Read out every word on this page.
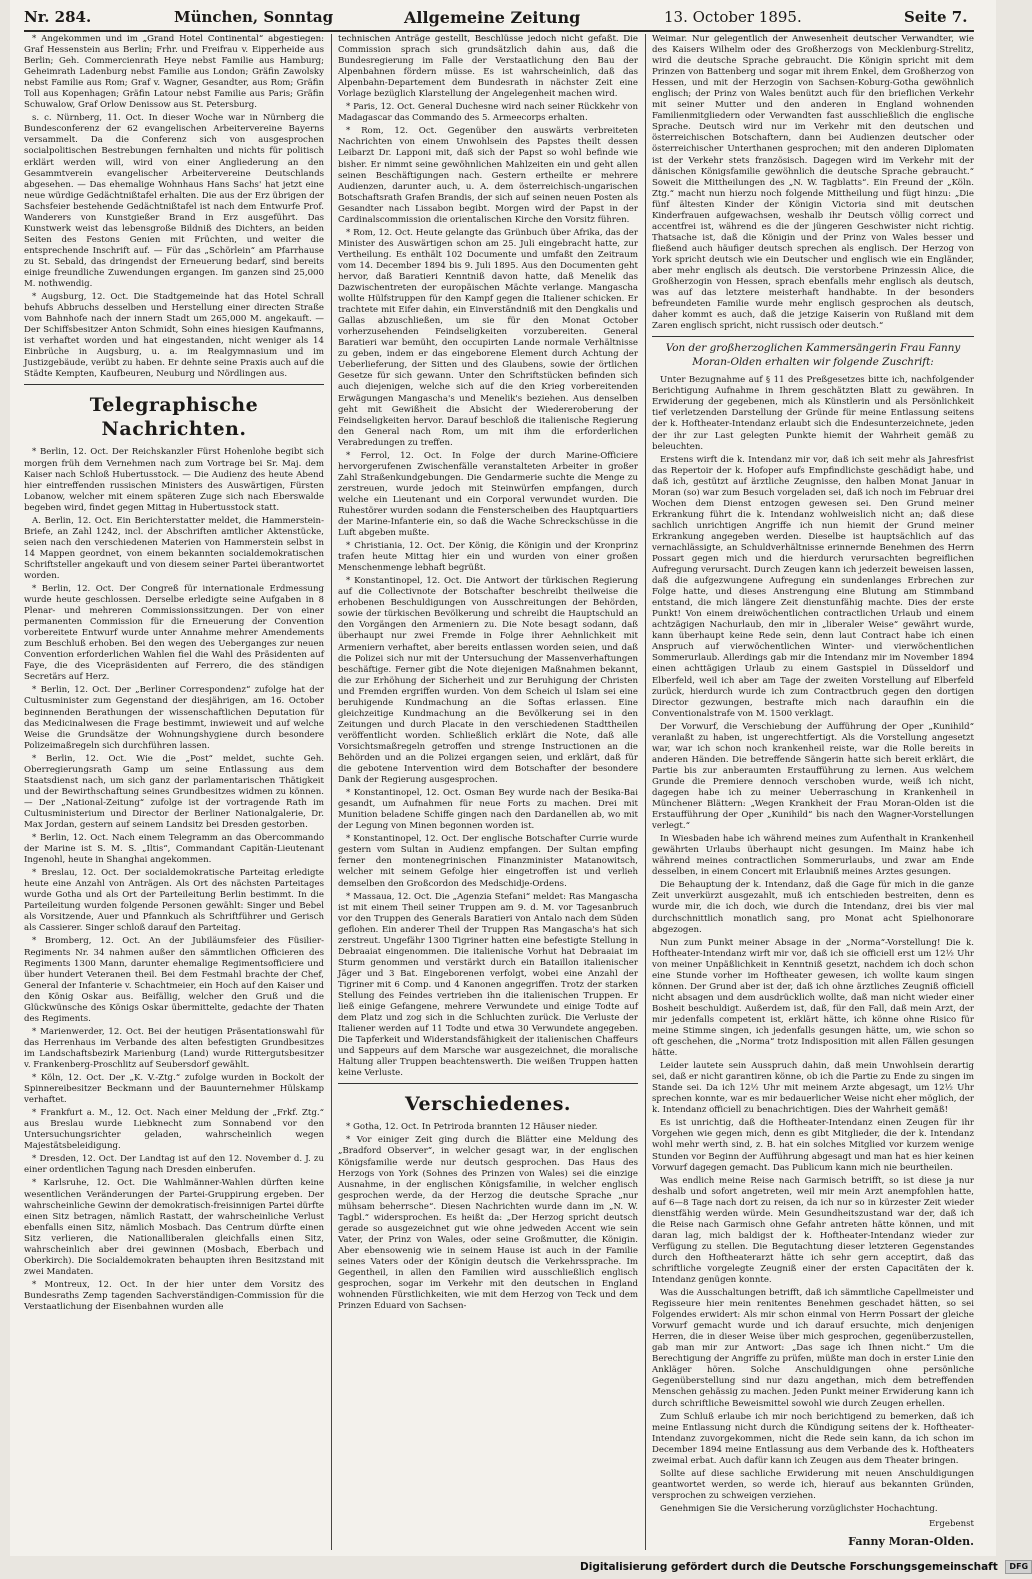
Nr. 284.	München, Sonntag	Allgemeine Zeitung	13. October 1895.	Seite 7.

* Angekommen und im „Grand Hotel Continental“ abgestiegen: Graf Hessenstein aus Berlin; Frhr. und Freifrau v. Eipperheide aus Berlin; Geh. Commercienrath Heye nebst Familie aus Hamburg; Geheimrath Ladenburg nebst Familie aus London; Gräfin Zawolsky nebst Familie aus Rom; Graf v. Wagner, Gesandter, aus Rom; Gräfin Toll aus Kopenhagen; Gräfin Latour nebst Familie aus Paris; Gräfin Schuwalow, Graf Orlow Denissow aus St. Petersburg.

s. c. Nürnberg, 11. Oct. In dieser Woche war in Nürnberg die Bundesconferenz der 62 evangelischen Arbeitervereine Bayerns versammelt. Da die Conferenz sich von ausgesprochen socialpolitischen Bestrebungen fernhalten und nichts für politisch erklärt werden will, wird von einer Angliederung an den Gesammtverein evangelischer Arbeitervereine Deutschlands abgesehen. — Das ehemalige Wohnhaus Hans Sachs' hat jetzt eine neue würdige Gedächtnißtafel erhalten. Die aus der Erz übrigen der Sachsfeier bestehende Gedächtnißtafel ist nach dem Entwurfe Prof. Wanderers von Kunstgießer Brand in Erz ausgeführt. Das Kunstwerk weist das lebensgroße Bildniß des Dichters, an beiden Seiten des Festons Genien mit Früchten, und weiter die entsprechende Inschrift auf. — Für das „Schörlein“ am Pfarrhause zu St. Sebald, das dringendst der Erneuerung bedarf, sind bereits einige freundliche Zuwendungen ergangen. Im ganzen sind 25,000 M. nothwendig.

* Augsburg, 12. Oct. Die Stadtgemeinde hat das Hotel Schrall behufs Abbruchs desselben und Herstellung einer directen Straße vom Bahnhofe nach der innern Stadt um 265,000 M. angekauft. — Der Schiffsbesitzer Anton Schmidt, Sohn eines hiesigen Kaufmanns, ist verhaftet worden und hat eingestanden, nicht weniger als 14 Einbrüche in Augsburg, u. a. im Realgymnasium und im Justizgebäude, verübt zu haben. Er dehnte seine Praxis auch auf die Städte Kempten, Kaufbeuren, Neuburg und Nördlingen aus.

Telegraphische Nachrichten.

* Berlin, 12. Oct. Der Reichskanzler Fürst Hohenlohe begibt sich morgen früh dem Vernehmen nach zum Vortrage bei Sr. Maj. dem Kaiser nach Schloß Hubertusstock. — Die Audienz des heute Abend hier eintreffenden russischen Ministers des Auswärtigen, Fürsten Lobanow, welcher mit einem späteren Zuge sich nach Eberswalde begeben wird, findet gegen Mittag in Hubertusstock statt.

A. Berlin, 12. Oct. Ein Berichterstatter meldet, die Hammerstein-Briefe, an Zahl 1242, incl. der Abschriften amtlicher Aktenstücke, seien nach den verschiedenen Materien von Hammerstein selbst in 14 Mappen geordnet, von einem bekannten socialdemokratischen Schriftsteller angekauft und von diesem seiner Partei überantwortet worden.

* Berlin, 12. Oct. Der Congreß für internationale Erdmessung wurde heute geschlossen. Derselbe erledigte seine Aufgaben in 8 Plenar- und mehreren Commissionssitzungen. Der von einer permanenten Commission für die Erneuerung der Convention vorbereitete Entwurf wurde unter Annahme mehrer Amendements zum Beschluß erhoben. Bei den wegen des Ueberganges zur neuen Convention erforderlichen Wahlen fiel die Wahl des Präsidenten auf Faye, die des Vicepräsidenten auf Ferrero, die des ständigen Secretärs auf Herz.

* Berlin, 12. Oct. Der „Berliner Correspondenz“ zufolge hat der Cultusminister zum Gegenstand der diesjährigen, am 16. October beginnenden Berathungen der wissenschaftlichen Deputation für das Medicinalwesen die Frage bestimmt, inwieweit und auf welche Weise die Grundsätze der Wohnungshygiene durch besondere Polizeimaßregeln sich durchführen lassen.

* Berlin, 12. Oct. Wie die „Post“ meldet, suchte Geh. Oberregierungsrath Gamp um seine Entlassung aus dem Staatsdienst nach, um sich ganz der parlamentarischen Thätigkeit und der Bewirthschaftung seines Grundbesitzes widmen zu können. — Der „National-Zeitung“ zufolge ist der vortragende Rath im Cultusministerium und Director der Berliner Nationalgalerie, Dr. Max Jordan, gestern auf seinem Landsitz bei Dresden gestorben.

* Berlin, 12. Oct. Nach einem Telegramm an das Obercommando der Marine ist S. M. S. „Iltis“, Commandant Capitän-Lieutenant Ingenohl, heute in Shanghai angekommen.

* Breslau, 12. Oct. Der socialdemokratische Parteitag erledigte heute eine Anzahl von Anträgen. Als Ort des nächsten Parteitages wurde Gotha und als Ort der Parteileitung Berlin bestimmt. In die Parteileitung wurden folgende Personen gewählt: Singer und Bebel als Vorsitzende, Auer und Pfannkuch als Schriftführer und Gerisch als Cassierer. Singer schloß darauf den Parteitag.

* Bromberg, 12. Oct. An der Jubiläumsfeier des Füsilier-Regiments Nr. 34 nahmen außer den sämmtlichen Officieren des Regiments 1300 Mann, darunter ehemalige Regimentsofficiere und über hundert Veteranen theil. Bei dem Festmahl brachte der Chef, General der Infanterie v. Schachtmeier, ein Hoch auf den Kaiser und den König Oskar aus. Beifällig, welcher den Gruß und die Glückwünsche des Königs Oskar übermittelte, gedachte der Thaten des Regiments.

* Marienwerder, 12. Oct. Bei der heutigen Präsentationswahl für das Herrenhaus im Verbande des alten befestigten Grundbesitzes im Landschaftsbezirk Marienburg (Land) wurde Rittergutsbesitzer v. Frankenberg-Proschlitz auf Seubersdorf gewählt.

* Köln, 12. Oct. Der „K. V.-Ztg.“ zufolge wurden in Bockolt der Spinnereibesitzer Beckmann und der Bauunternehmer Hülskamp verhaftet.

* Frankfurt a. M., 12. Oct. Nach einer Meldung der „Frkf. Ztg.“ aus Breslau wurde Liebknecht zum Sonnabend vor den Untersuchungsrichter geladen, wahrscheinlich wegen Majestätsbeleidigung.

* Dresden, 12. Oct. Der Landtag ist auf den 12. November d. J. zu einer ordentlichen Tagung nach Dresden einberufen.

* Karlsruhe, 12. Oct. Die Wahlmänner-Wahlen dürften keine wesentlichen Veränderungen der Partei-Gruppirung ergeben. Der wahrscheinliche Gewinn der demokratisch-freisinnigen Partei dürfte einen Sitz betragen, nämlich Rastatt, der wahrscheinliche Verlust ebenfalls einen Sitz, nämlich Mosbach. Das Centrum dürfte einen Sitz verlieren, die Nationalliberalen gleichfalls einen Sitz, wahrscheinlich aber drei gewinnen (Mosbach, Eberbach und Oberkirch). Die Socialdemokraten behaupten ihren Besitzstand mit zwei Mandaten.

* Montreux, 12. Oct. In der hier unter dem Vorsitz des Bundesraths Zemp tagenden Sachverständigen-Commission für die Verstaatlichung der Eisenbahnen wurden alle

technischen Anträge gestellt, Beschlüsse jedoch nicht gefaßt. Die Commission sprach sich grundsätzlich dahin aus, daß die Bundesregierung im Falle der Verstaatlichung den Bau der Alpenbahnen fördern müsse. Es ist wahrscheinlich, daß das Alpenbahn-Departement dem Bundesrath in nächster Zeit eine Vorlage bezüglich Klarstellung der Angelegenheit machen wird.

* Paris, 12. Oct. General Duchesne wird nach seiner Rückkehr von Madagascar das Commando des 5. Armeecorps erhalten.

* Rom, 12. Oct. Gegenüber den auswärts verbreiteten Nachrichten von einem Unwohlsein des Papstes theilt dessen Leibarzt Dr. Lapponi mit, daß sich der Papst so wohl befinde wie bisher. Er nimmt seine gewöhnlichen Mahlzeiten ein und geht allen seinen Beschäftigungen nach. Gestern ertheilte er mehrere Audienzen, darunter auch, u. A. dem österreichisch-ungarischen Botschaftsrath Grafen Brandis, der sich auf seinen neuen Posten als Gesandter nach Lissabon begibt. Morgen wird der Papst in der Cardinalscommission die orientalischen Kirche den Vorsitz führen.

* Rom, 12. Oct. Heute gelangte das Grünbuch über Afrika, das der Minister des Auswärtigen schon am 25. Juli eingebracht hatte, zur Vertheilung. Es enthält 102 Documente und umfaßt den Zeitraum vom 14. December 1894 bis 9. Juli 1895. Aus den Documenten geht hervor, daß Baratieri Kenntniß davon hatte, daß Menelik das Dazwischentreten der europäischen Mächte verlange. Mangascha wollte Hülfstruppen für den Kampf gegen die Italiener schicken. Er trachtete mit Eifer dahin, ein Einverständniß mit den Dengkalis und Gallas abzuschließen, um sie für den Monat October vorherzusehenden Feindseligkeiten vorzubereiten. General Baratieri war bemüht, den occupirten Lande normale Verhältnisse zu geben, indem er das eingeborene Element durch Achtung der Ueberlieferung, der Sitten und des Glaubens, sowie der örtlichen Gesetze für sich gewann. Unter den Schriftstücken befinden sich auch diejenigen, welche sich auf die den Krieg vorbereitenden Erwägungen Mangascha's und Menelik's beziehen. Aus denselben geht mit Gewißheit die Absicht der Wiedereroberung der Feindseligkeiten hervor. Darauf beschloß die italienische Regierung den General nach Rom, um mit ihm die erforderlichen Verabredungen zu treffen.

* Ferrol, 12. Oct. In Folge der durch Marine-Officiere hervorgerufenen Zwischenfälle veranstalteten Arbeiter in großer Zahl Straßenkundgebungen. Die Gendarmerie suchte die Menge zu zerstreuen, wurde jedoch mit Steinwürfen empfangen, durch welche ein Lieutenant und ein Corporal verwundet wurden. Die Ruhestörer wurden sodann die Fensterscheiben des Hauptquartiers der Marine-Infanterie ein, so daß die Wache Schreckschüsse in die Luft abgeben mußte.

* Christiania, 12. Oct. Der König, die Königin und der Kronprinz trafen heute Mittag hier ein und wurden von einer großen Menschenmenge lebhaft begrüßt.

* Konstantinopel, 12. Oct. Die Antwort der türkischen Regierung auf die Collectivnote der Botschafter beschreibt theilweise die erhobenen Beschuldigungen von Ausschreitungen der Behörden, sowie der türkischen Bevölkerung und schreibt die Hauptschuld an den Vorgängen den Armeniern zu. Die Note besagt sodann, daß überhaupt nur zwei Fremde in Folge ihrer Aehnlichkeit mit Armeniern verhaftet, aber bereits entlassen worden seien, und daß die Polizei sich nur mit der Untersuchung der Massenverhaftungen beschäftige. Ferner gibt die Note diejenigen Maßnahmen bekannt, die zur Erhöhung der Sicherheit und zur Beruhigung der Christen und Fremden ergriffen wurden. Von dem Scheich ul Islam sei eine beruhigende Kundmachung an die Softas erlassen. Eine gleichzeitige Kundmachung an die Bevölkerung sei in den Zeitungen und durch Placate in den verschiedenen Stadttheilen veröffentlicht worden. Schließlich erklärt die Note, daß alle Vorsichtsmaßregeln getroffen und strenge Instructionen an die Behörden und an die Polizei ergangen seien, und erklärt, daß für die gebotene Intervention wird dem Botschafter der besondere Dank der Regierung ausgesprochen.

* Konstantinopel, 12. Oct. Osman Bey wurde nach der Besika-Bai gesandt, um Aufnahmen für neue Forts zu machen. Drei mit Munition beladene Schiffe gingen nach den Dardanellen ab, wo mit der Legung von Minen begonnen worden ist.

* Konstantinopel, 12. Oct. Der englische Botschafter Currie wurde gestern vom Sultan in Audienz empfangen. Der Sultan empfing ferner den montenegrinischen Finanzminister Matanowitsch, welcher mit seinem Gefolge hier eingetroffen ist und verlieh demselben den Großcordon des Medschidje-Ordens.

* Massaua, 12. Oct. Die „Agenzia Stefani“ meldet: Ras Mangascha ist mit einem Theil seiner Truppen am 9. d. M. vor Tagesanbruch vor den Truppen des Generals Baratieri von Antalo nach dem Süden geflohen. Ein anderer Theil der Truppen Ras Mangascha's hat sich zerstreut. Ungefähr 1300 Tigriner hatten eine befestigte Stellung in Debraaiat eingenommen. Die italienische Vorhut hat Debraaiat im Sturm genommen und verstärkt durch ein Bataillon italienischer Jäger und 3 Bat. Eingeborenen verfolgt, wobei eine Anzahl der Tigriner mit 6 Comp. und 4 Kanonen angegriffen. Trotz der starken Stellung des Feindes vertrieben ihn die italienischen Truppen. Er ließ einige Gefangene, mehrere Verwundete und einige Todte auf dem Platz und zog sich in die Schluchten zurück. Die Verluste der Italiener werden auf 11 Todte und etwa 30 Verwundete angegeben. Die Tapferkeit und Widerstandsfähigkeit der italienischen Chaffeurs und Sappeurs auf dem Marsche war ausgezeichnet, die moralische Haltung aller Truppen beachtenswerth. Die weißen Truppen hatten keine Verluste.

Verschiedenes.

* Gotha, 12. Oct. In Petriroda brannten 12 Häuser nieder.

* Vor einiger Zeit ging durch die Blätter eine Meldung des „Bradford Observer“, in welcher gesagt war, in der englischen Königsfamilie werde nur deutsch gesprochen. Das Haus des Herzogs von York (Sohnes des Prinzen von Wales) sei die einzige Ausnahme, in der englischen Königsfamilie, in welcher englisch gesprochen werde, da der Herzog die deutsche Sprache „nur mühsam beherrsche“. Diesen Nachrichten wurde dann im „N. W. Tagbl.“ widersprochen. Es heißt da: „Der Herzog spricht deutsch gerade so ausgezeichnet gut wie ohne jedweden Accent wie sein Vater, der Prinz von Wales, oder seine Großmutter, die Königin. Aber ebensowenig wie in seinem Hause ist auch in der Familie seines Vaters oder der Königin deutsch die Verkehrssprache. Im Gegentheil, in allen den Familien wird ausschließlich englisch gesprochen, sogar im Verkehr mit den deutschen in England wohnenden Fürstlichkeiten, wie mit dem Herzog von Teck und dem Prinzen Eduard von Sachsen-

Weimar. Nur gelegentlich der Anwesenheit deutscher Verwandter, wie des Kaisers Wilhelm oder des Großherzogs von Mecklenburg-Strelitz, wird die deutsche Sprache gebraucht. Die Königin spricht mit dem Prinzen von Battenberg und sogar mit ihrem Enkel, dem Großherzog von Hessen, und mit der Herzogin von Sachsen-Koburg-Gotha gewöhnlich englisch; der Prinz von Wales benützt auch für den brieflichen Verkehr mit seiner Mutter und den anderen in England wohnenden Familienmitgliedern oder Verwandten fast ausschließlich die englische Sprache. Deutsch wird nur im Verkehr mit den deutschen und österreichischen Botschaftern, dann bei Audienzen deutscher oder österreichischer Unterthanen gesprochen; mit den anderen Diplomaten ist der Verkehr stets französisch. Dagegen wird im Verkehr mit der dänischen Königsfamilie gewöhnlich die deutsche Sprache gebraucht.“ Soweit die Mittheilungen des „N. W. Tagblatts“. Ein Freund der „Köln. Ztg.“ macht nun hierzu noch folgende Mittheilung und fügt hinzu: „Die fünf ältesten Kinder der Königin Victoria sind mit deutschen Kinderfrauen aufgewachsen, weshalb ihr Deutsch völlig correct und accentfrei ist, während es die der jüngeren Geschwister nicht richtig. Thatsache ist, daß die Königin und der Prinz von Wales besser und fließend auch häufiger deutsch sprechen als englisch. Der Herzog von York spricht deutsch wie ein Deutscher und englisch wie ein Engländer, aber mehr englisch als deutsch. Die verstorbene Prinzessin Alice, die Großherzogin von Hessen, sprach ebenfalls mehr englisch als deutsch, was auf das letztere meisterhaft handhabte. In der besonders befreundeten Familie wurde mehr englisch gesprochen als deutsch, daher kommt es auch, daß die jetzige Kaiserin von Rußland mit dem Zaren englisch spricht, nicht russisch oder deutsch.“

Von der großherzoglichen Kammersängerin Frau Fanny Moran-Olden erhalten wir folgende Zuschrift:

Unter Bezugnahme auf § 11 des Preßgesetzes bitte ich, nachfolgender Berichtigung Aufnahme in Ihrem geschätzten Blatt zu gewähren. In Erwiderung der gegebenen, mich als Künstlerin und als Persönlichkeit tief verletzenden Darstellung der Gründe für meine Entlassung seitens der k. Hoftheater-Intendanz erlaubt sich die Endesunterzeichnete, jeden der ihr zur Last gelegten Punkte hiemit der Wahrheit gemäß zu beleuchten.

Erstens wirft die k. Intendanz mir vor, daß ich seit mehr als Jahresfrist das Repertoir der k. Hofoper aufs Empfindlichste geschädigt habe, und daß ich, gestützt auf ärztliche Zeugnisse, den halben Monat Januar in Moran (so) war zum Besuch vorgeladen sei, daß ich noch im Februar drei Wochen dem Dienst entzogen gewesen sei. Den Grund meiner Erkrankung führt die k. Intendanz wohlweislich nicht an; daß diese sachlich unrichtigen Angriffe ich nun hiemit der Grund meiner Erkrankung angegeben werden. Dieselbe ist hauptsächlich auf das vernachlässigte, an Schuldverhältnisse erinnernde Benehmen des Herrn Possart gegen mich und die hierdurch verursachten begreiflichen Aufregung verursacht. Durch Zeugen kann ich jederzeit beweisen lassen, daß die aufgezwungene Aufregung ein sundenlanges Erbrechen zur Folge hatte, und dieses Anstrengung eine Blutung am Stimmband entstand, die mich längere Zeit dienstunfähig machte. Dies der erste Punkt! Von einem dreiwöchentlichen contractlichen Urlaub und einem achtzägigen Nachurlaub, den mir in „liberaler Weise“ gewährt wurde, kann überhaupt keine Rede sein, denn laut Contract habe ich einen Anspruch auf vierwöchentlichen Winter- und vierwöchentlichen Sommerurlaub. Allerdings gab mir die Intendanz mir im November 1894 einen achttägigen Urlaub zu einem Gastspiel in Düsseldorf und Elberfeld, weil ich aber am Tage der zweiten Vorstellung auf Elberfeld zurück, hierdurch wurde ich zum Contractbruch gegen den dortigen Director gezwungen, bestrafte mich nach daraufhin ein die Conventionalstrafe von M. 1500 verklagt.

Der Vorwurf, die Verschiebung der Aufführung der Oper „Kunihild“ veranlaßt zu haben, ist ungerechtfertigt. Als die Vorstellung angesetzt war, war ich schon noch krankenheil reiste, war die Rolle bereits in anderen Händen. Die betreffende Sängerin hatte sich bereit erklärt, die Partie bis zur anberaumten Erstaufführung zu lernen. Aus welchem Grunde die Premiere dennoch verschoben wurde, weiß ich nicht, dagegen habe ich zu meiner Ueberraschung in Krankenheil in Münchener Blättern: „Wegen Krankheit der Frau Moran-Olden ist die Erstaufführung der Oper „Kunihild“ bis nach den Wagner-Vorstellungen verlegt.“

In Wiesbaden habe ich während meines zum Aufenthalt in Krankenheil gewährten Urlaubs überhaupt nicht gesungen. Im Mainz habe ich während meines contractlichen Sommerurlaubs, und zwar am Ende desselben, in einem Concert mit Erlaubniß meines Arztes gesungen.

Die Behauptung der k. Intendanz, daß die Gage für mich in die ganze Zeit unverkürzt ausgezahlt, muß ich entschieden bestreiten, denn es wurde mir, die ich doch, wie durch die Intendanz, drei bis vier mal durchschnittlich monatlich sang, pro Monat acht Spielhonorare abgezogen.

Nun zum Punkt meiner Absage in der „Norma“-Vorstellung! Die k. Hoftheater-Intendanz wirft mir vor, daß ich sie officiell erst um 12½ Uhr von meiner Unpäßlichkeit in Kenntniß gesetzt, nachdem ich doch schon eine Stunde vorher im Hoftheater gewesen, ich wollte kaum singen können. Der Grund aber ist der, daß ich ohne ärztliches Zeugniß officiell nicht absagen und dem ausdrücklich wollte, daß man nicht wieder einer Bosheit beschuldigt. Außerdem ist, daß, für den Fall, daß mein Arzt, der mir jedenfalls competent ist, erklärt hätte, ich könne ohne Risico für meine Stimme singen, ich jedenfalls gesungen hätte, um, wie schon so oft geschehen, die „Norma“ trotz Indisposition mit allen Fällen gesungen hätte.

Leider lautete sein Ausspruch dahin, daß mein Unwohlsein derartig sei, daß er nicht garantiren könne, ob ich die Partie zu Ende zu singen im Stande sei. Da ich 12½ Uhr mit meinem Arzte abgesagt, um 12½ Uhr sprechen konnte, war es mir bedauerlicher Weise nicht eher möglich, der k. Intendanz officiell zu benachrichtigen. Dies der Wahrheit gemäß!

Es ist unrichtig, daß die Hoftheater-Intendanz einen Zeugen für ihr Vorgehen wie gegen mich, denn es gibt Mitglieder, die der k. Intendanz wohl mehr werth sind, z. B. hat ein solches Mitglied vor kurzem wenige Stunden vor Beginn der Aufführung abgesagt und man hat es hier keinen Vorwurf dagegen gemacht. Das Publicum kann mich nie beurtheilen.

Was endlich meine Reise nach Garmisch betrifft, so ist diese ja nur deshalb und sofort angetreten, weil mir mein Arzt anempfohlen hatte, auf 6—8 Tage nach dort zu reisen, da ich nur so in kürzester Zeit wieder dienstfähig werden würde. Mein Gesundheitszustand war der, daß ich die Reise nach Garmisch ohne Gefahr antreten hätte können, und mit daran lag, mich baldigst der k. Hoftheater-Intendanz wieder zur Verfügung zu stellen. Die Begutachtung dieser letzteren Gegenstandes durch den Hoftheaterarzt hätte ich sehr gern acceptirt, daß das schriftliche vorgelegte Zeugniß einer der ersten Capacitäten der k. Intendanz genügen konnte.

Was die Ausschaltungen betrifft, daß ich sämmtliche Capellmeister und Regisseure hier mein renitentes Benehmen geschadet hätten, so sei Folgendes erwidert: Als mir schon einmal von Herrn Possart der gleiche Vorwurf gemacht wurde und ich darauf ersuchte, mich denjenigen Herren, die in dieser Weise über mich gesprochen, gegenüberzustellen, gab man mir zur Antwort: „Das sage ich Ihnen nicht.“ Um die Berechtigung der Angriffe zu prüfen, müßte man doch in erster Linie den Ankläger hören. Solche Anschuldigungen ohne persönliche Gegenüberstellung sind nur dazu angethan, mich dem betreffenden Menschen gehässig zu machen. Jeden Punkt meiner Erwiderung kann ich durch schriftliche Beweismittel sowohl wie durch Zeugen erhellen.

Zum Schluß erlaube ich mir noch berichtigend zu bemerken, daß ich meine Entlassung nicht durch die Kündigung seitens der k. Hoftheater-Intendanz zuvorgekommen, nicht die Rede sein kann, da ich schon im December 1894 meine Entlassung aus dem Verbande des k. Hoftheaters zweimal erbat. Auch dafür kann ich Zeugen aus dem Theater bringen.

Sollte auf diese sachliche Erwiderung mit neuen Anschuldigungen geantwortet werden, so werde ich, hierauf aus bekannten Gründen, versprochen zu schweigen verziehen.

Genehmigen Sie die Versicherung vorzüglichster Hochachtung.

Ergebenst
Fanny Moran-Olden.
Digitalisierung gefördert durch die Deutsche Forschungsgemeinschaft DFG
